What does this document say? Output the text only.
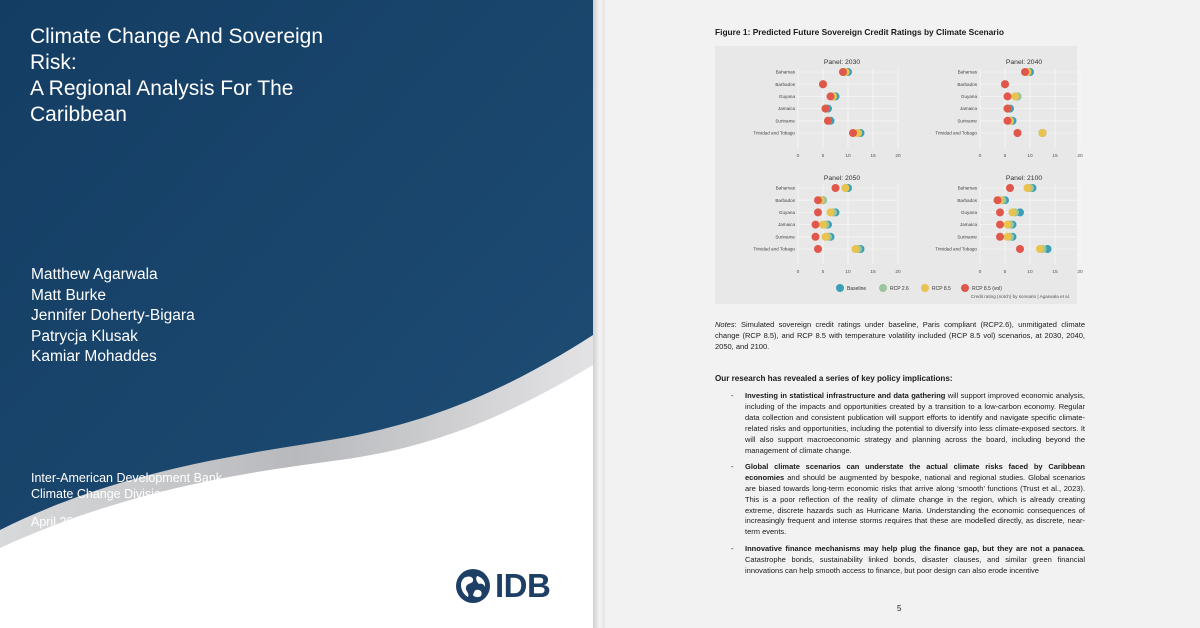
Climate Change And Sovereign
Risk:
A Regional Analysis For The
Caribbean
Matthew Agarwala
Matt Burke
Jennifer Doherty-Bigara
Patrycja Klusak
Kamiar Mohaddes
Inter-American Development Bank
Climate Change Division
April 2024
IDB
Figure 1: Predicted Future Sovereign Credit Ratings by Climate Scenario
Panel: 2030
0	5	10	15	20
Bahamas
Barbados
Guyana
Jamaica
Suriname
Trinidad and Tobago
Panel: 2040
0	5	10	15	20
Bahamas
Barbados
Guyana
Jamaica
Suriname
Trinidad and Tobago
Panel: 2050
0	5	10	15	20
Bahamas
Barbados
Guyana
Jamaica
Suriname
Trinidad and Tobago
Panel: 2100
0	5	10	15	20
Bahamas
Barbados
Guyana
Jamaica
Suriname
Trinidad and Tobago
Baseline	RCP 2.6	RCP 8.5	RCP 8.5 (vol)
Credit rating (notch) by scenario | Agarwala et al.
Notes: Simulated sovereign credit ratings under baseline, Paris compliant (RCP2.6), unmitigated climate change (RCP 8.5), and RCP 8.5 with temperature volatility included (RCP 8.5 vol) scenarios, at 2030, 2040, 2050, and 2100.
Our research has revealed a series of key policy implications:
- Investing in statistical infrastructure and data gathering will support improved economic analysis, including of the impacts and opportunities created by a transition to a low-carbon economy. Regular data collection and consistent publication will support efforts to identify and navigate specific climate-related risks and opportunities, including the potential to diversify into less climate-exposed sectors. It will also support macroeconomic strategy and planning across the board, including beyond the management of climate change.
- Global climate scenarios can understate the actual climate risks faced by Caribbean economies and should be augmented by bespoke, national and regional studies. Global scenarios are biased towards long-term economic risks that arrive along ‘smooth’ functions (Trust et al., 2023). This is a poor reflection of the reality of climate change in the region, which is already creating extreme, discrete hazards such as Hurricane Maria. Understanding the economic consequences of increasingly frequent and intense storms requires that these are modelled directly, as discrete, near-term events.
- Innovative finance mechanisms may help plug the finance gap, but they are not a panacea. Catastrophe bonds, sustainability linked bonds, disaster clauses, and similar green financial innovations can help smooth access to finance, but poor design can also erode incentive
5
